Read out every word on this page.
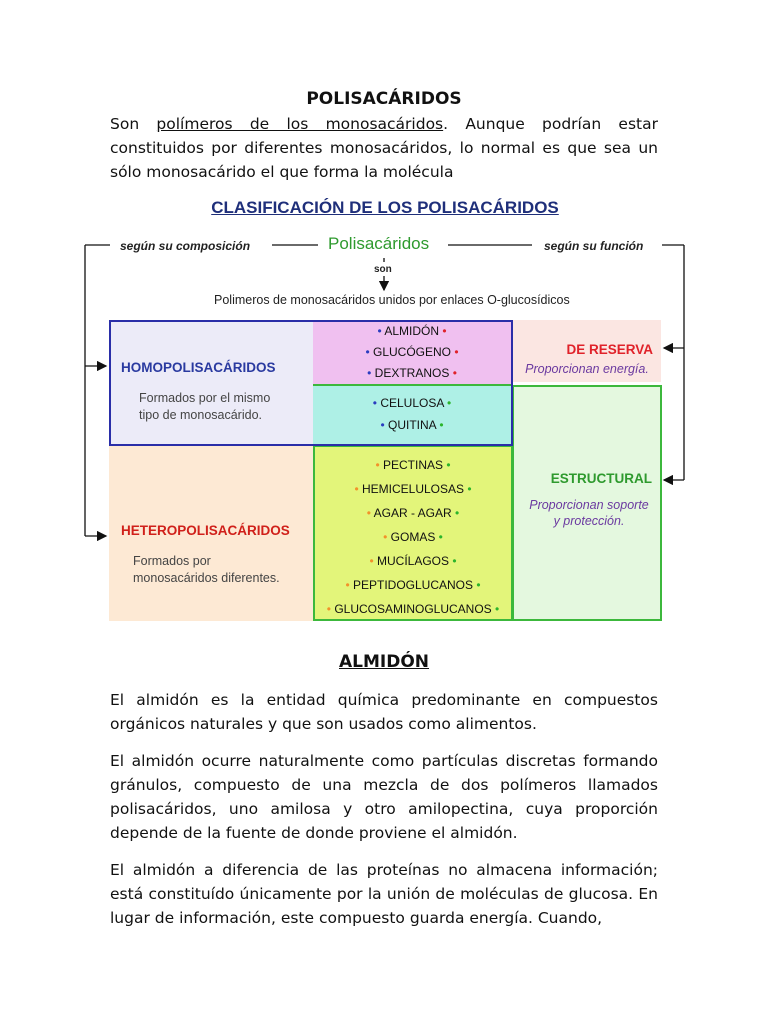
POLISACÁRIDOS
Son polímeros de los monosacáridos. Aunque podrían estar constituidos por diferentes monosacáridos, lo normal es que sea un sólo monosacárido el que forma la molécula
CLASIFICACIÓN DE LOS POLISACÁRIDOS
según su composición	Polisacáridos	según su función
son
Polimeros de monosacáridos unidos por enlaces O-glucosídicos
DE RESERVA
Proporcionan energía.
ESTRUCTURAL
Proporcionan soporte
y protección.
HETEROPOLISACÁRIDOS
Formados por
monosacáridos diferentes.
• PECTINAS •
• HEMICELULOSAS •
• AGAR - AGAR •
• GOMAS •
• MUCÍLAGOS •
• PEPTIDOGLUCANOS •
• GLUCOSAMINOGLUCANOS •
HOMOPOLISACÁRIDOS
Formados por el mismo
tipo de monosacárido.
• ALMIDÓN •
• GLUCÓGENO •
• DEXTRANOS •
• CELULOSA •
• QUITINA •
ALMIDÓN
El almidón es la entidad química predominante en compuestos orgánicos naturales y que son usados como alimentos.
El almidón ocurre naturalmente como partículas discretas formando gránulos, compuesto de una mezcla de dos polímeros llamados polisacáridos, uno amilosa y otro amilopectina, cuya proporción depende de la fuente de donde proviene el almidón.
El almidón a diferencia de las proteínas no almacena información; está constituído únicamente por la unión de moléculas de glucosa. En lugar de información, este compuesto guarda energía. Cuando,
